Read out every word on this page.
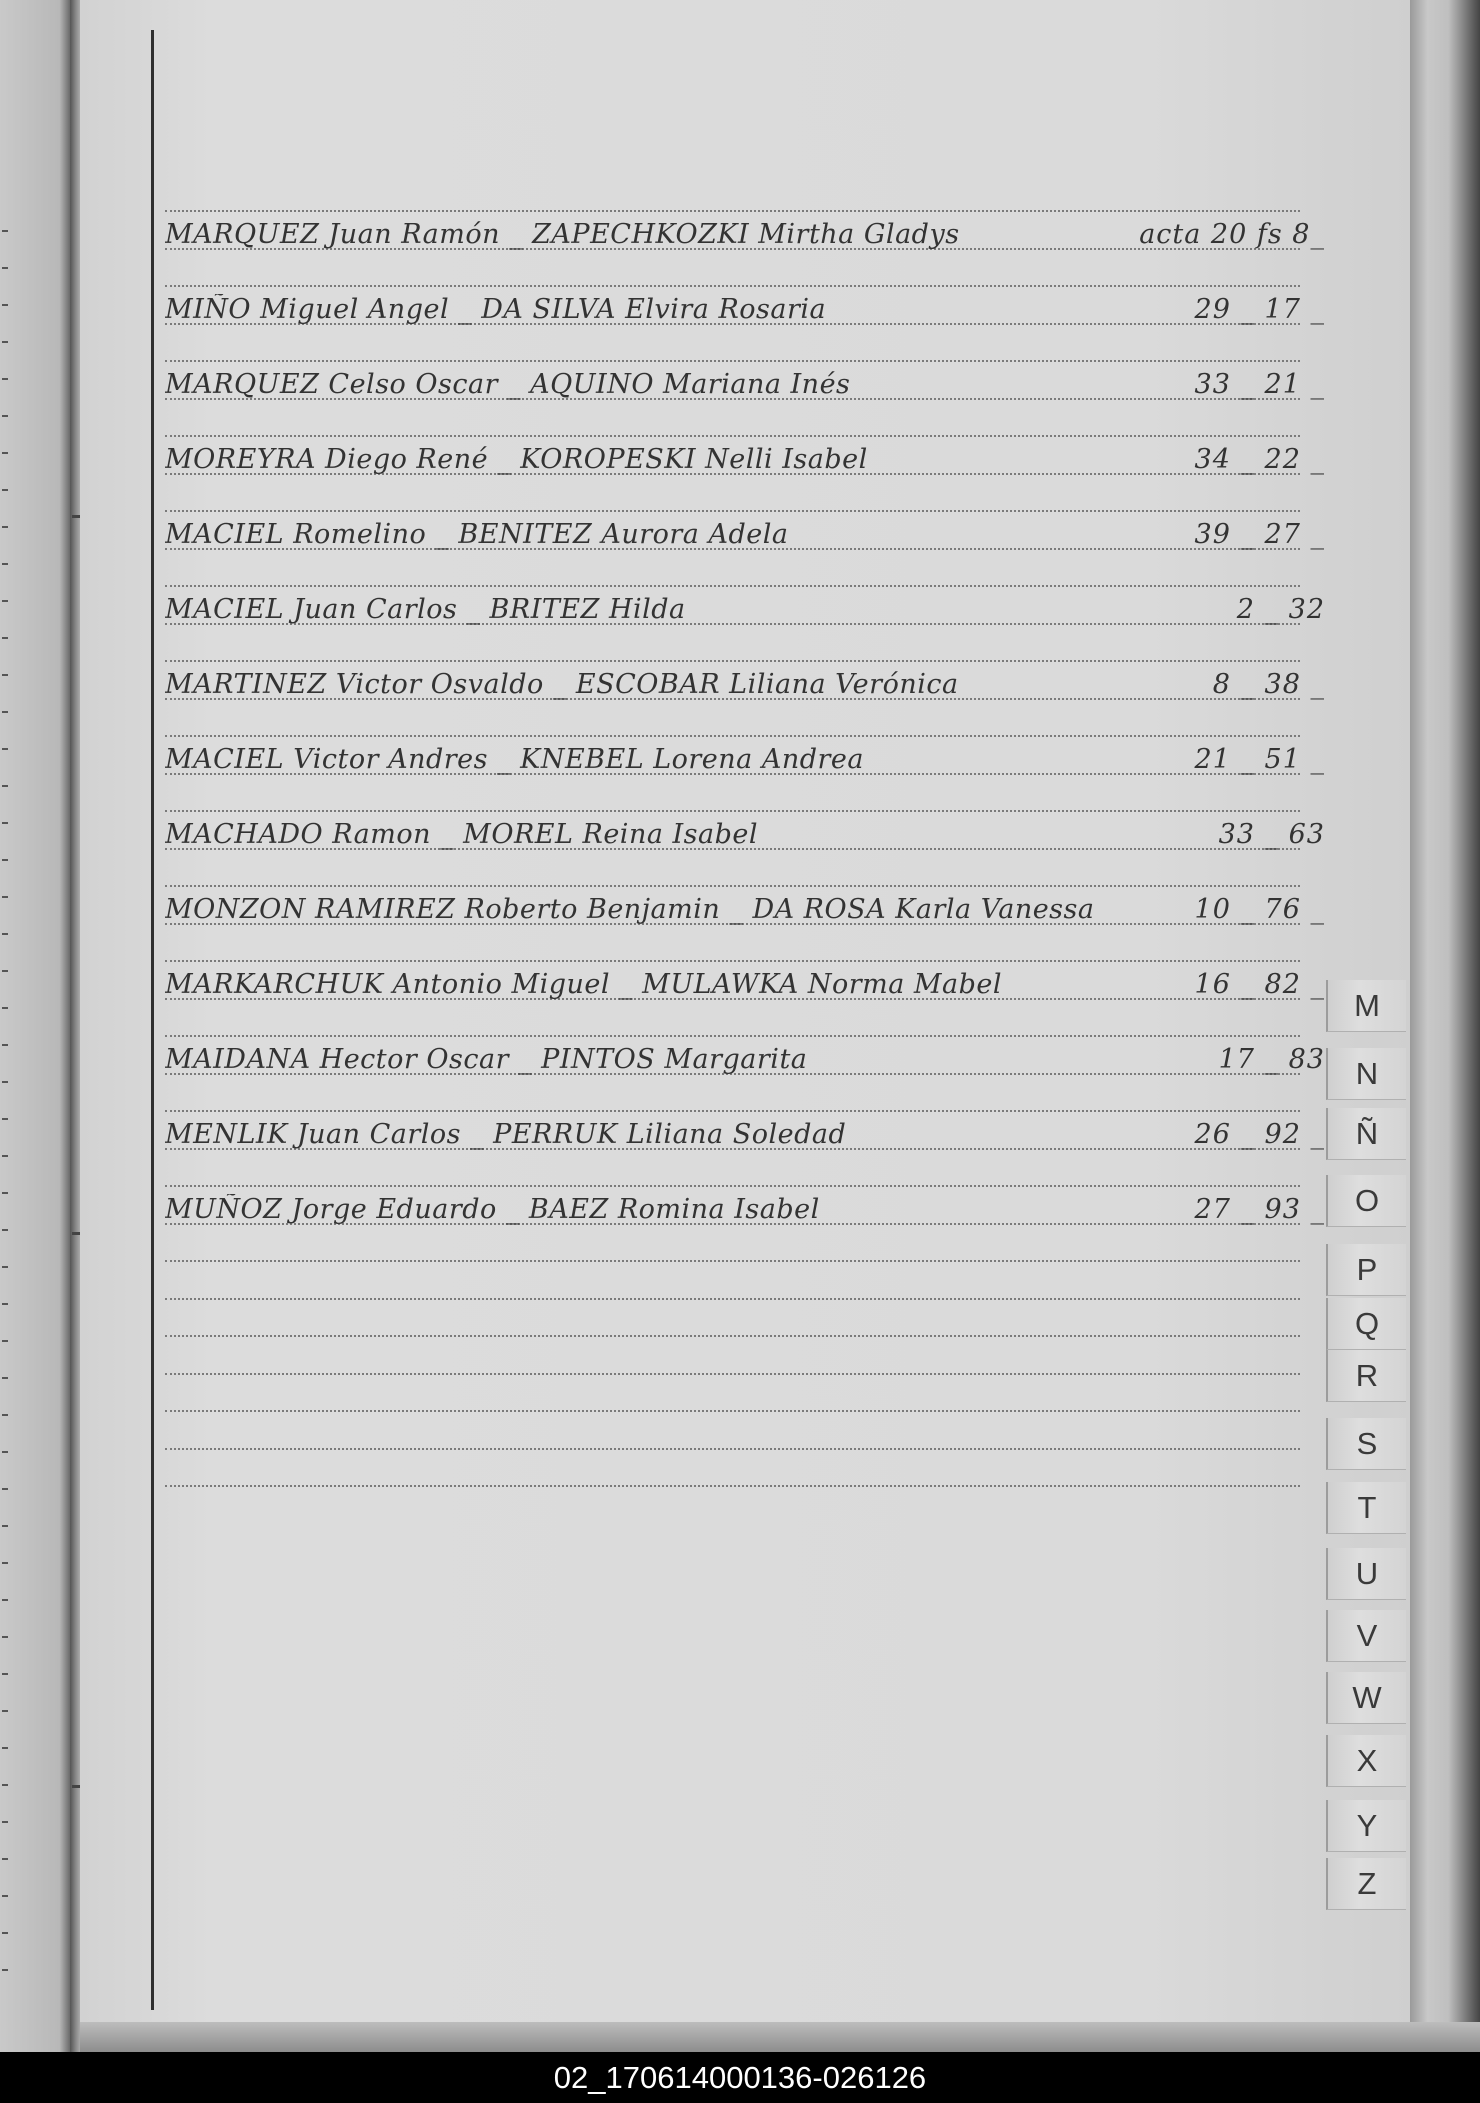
MARQUEZ Juan Ramón _ ZAPECHKOZKI Mirtha Gladys	acta 20 fs 8_
MIÑO Miguel Angel _ DA SILVA Elvira Rosaria	29 _ 17 _
MARQUEZ Celso Oscar _ AQUINO Mariana Inés	33 _ 21 _
MOREYRA Diego René _ KOROPESKI Nelli Isabel	34 _ 22 _
MACIEL Romelino _ BENITEZ Aurora Adela	39 _ 27 _
MACIEL Juan Carlos _ BRITEZ Hilda	2 _ 32
MARTINEZ Victor Osvaldo _ ESCOBAR Liliana Verónica	8 _ 38 _
MACIEL Victor Andres _ KNEBEL Lorena Andrea	21 _ 51 _
MACHADO Ramon _ MOREL Reina Isabel	33 _ 63
MONZON RAMIREZ Roberto Benjamin _ DA ROSA Karla Vanessa	10 _ 76 _
MARKARCHUK Antonio Miguel _ MULAWKA Norma Mabel	16 _ 82 _
MAIDANA Hector Oscar _ PINTOS Margarita	17 _ 83
MENLIK Juan Carlos _ PERRUK Liliana Soledad	26 _ 92 _
MUÑOZ Jorge Eduardo _ BAEZ Romina Isabel	27 _ 93 _
M
N
Ñ
O
P
Q
R
S
T
U
V
W
X
Y
Z
02_170614000136-026126
